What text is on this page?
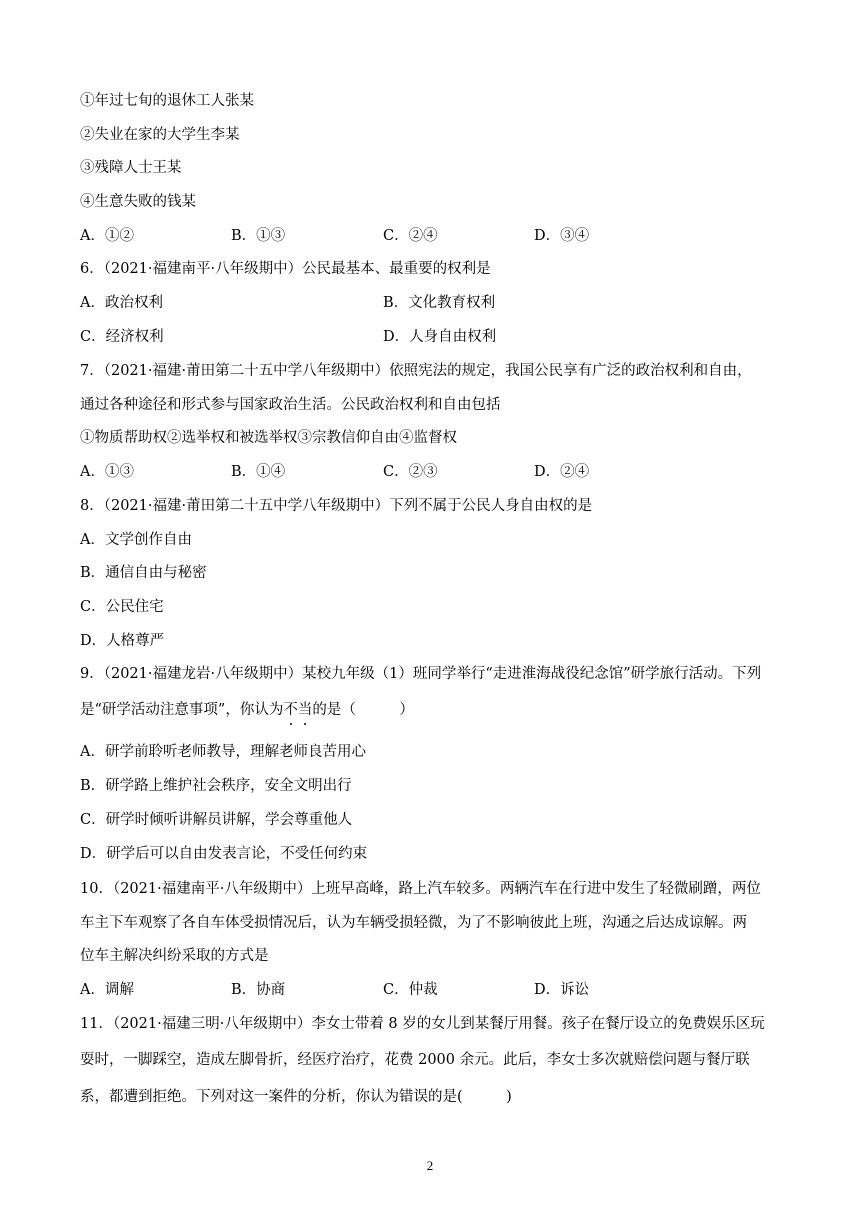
①年过七旬的退休工人张某
②失业在家的大学生李某
③残障人士王某
④生意失败的钱某
A．①②	B．①③	C．②④	D．③④
6．（2021·福建南平·八年级期中）公民最基本、最重要的权利是
A．政治权利	B．文化教育权利
C．经济权利	D．人身自由权利
7．（2021·福建·莆田第二十五中学八年级期中）依照宪法的规定，我国公民享有广泛的政治权利和自由，
通过各种途径和形式参与国家政治生活。公民政治权利和自由包括
①物质帮助权②选举权和被选举权③宗教信仰自由④监督权
A．①③	B．①④	C．②③	D．②④
8．（2021·福建·莆田第二十五中学八年级期中）下列不属于公民人身自由权的是
A．文学创作自由
B．通信自由与秘密
C．公民住宅
D．人格尊严
9．（2021·福建龙岩·八年级期中）某校九年级（1）班同学举行“走进淮海战役纪念馆”研学旅行活动。下列
是“研学活动注意事项”，你认为不当的是（　　　）
A．研学前聆听老师教导，理解老师良苦用心
B．研学路上维护社会秩序，安全文明出行
C．研学时倾听讲解员讲解，学会尊重他人
D．研学后可以自由发表言论，不受任何约束
10．（2021·福建南平·八年级期中）上班早高峰，路上汽车较多。两辆汽车在行进中发生了轻微刷蹭，两位
车主下车观察了各自车体受损情况后，认为车辆受损轻微，为了不影响彼此上班，沟通之后达成谅解。两
位车主解决纠纷采取的方式是
A．调解	B．协商	C．仲裁	D．诉讼
11．（2021·福建三明·八年级期中）李女士带着 8 岁的女儿到某餐厅用餐。孩子在餐厅设立的免费娱乐区玩
耍时，一脚踩空，造成左脚骨折，经医疗治疗，花费 2000 余元。此后，李女士多次就赔偿问题与餐厅联
系，都遭到拒绝。下列对这一案件的分析，你认为错误的是(　　　)
2
